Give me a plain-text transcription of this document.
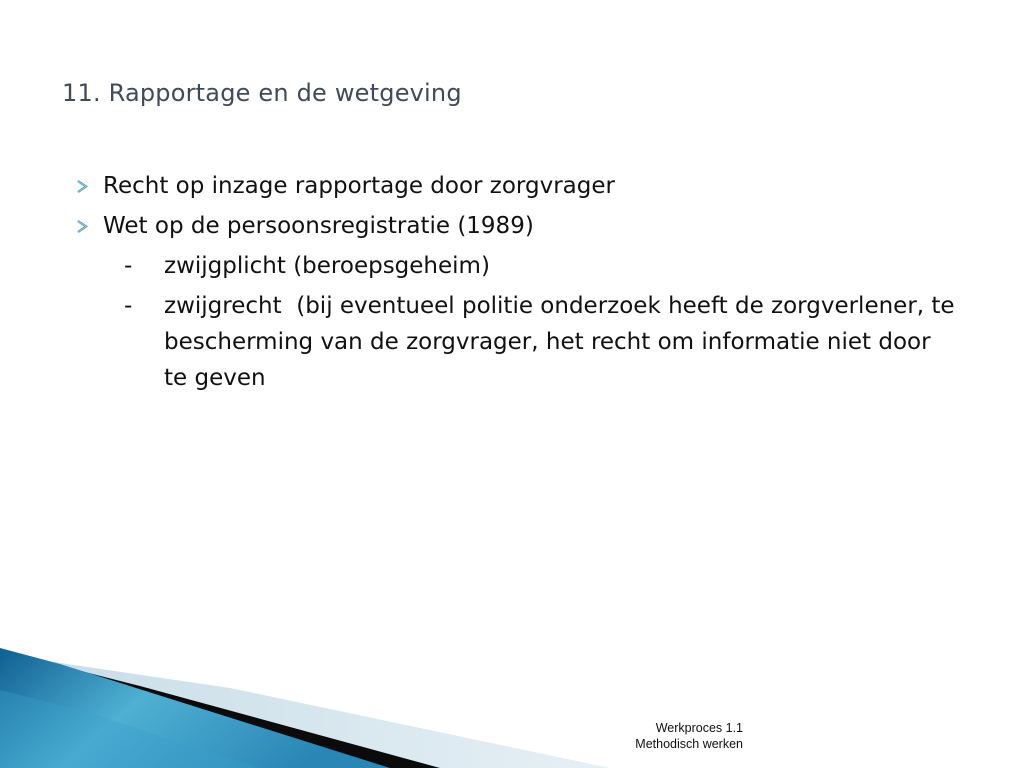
11. Rapportage en de wetgeving
Recht op inzage rapportage door zorgvrager
Wet op de persoonsregistratie (1989)
-	zwijgplicht (beroepsgeheim)
-	zwijgrecht  (bij eventueel politie onderzoek heeft de zorgverlener, te bescherming van de zorgvrager, het recht om informatie niet door te geven
Werkproces 1.1
Methodisch werken
